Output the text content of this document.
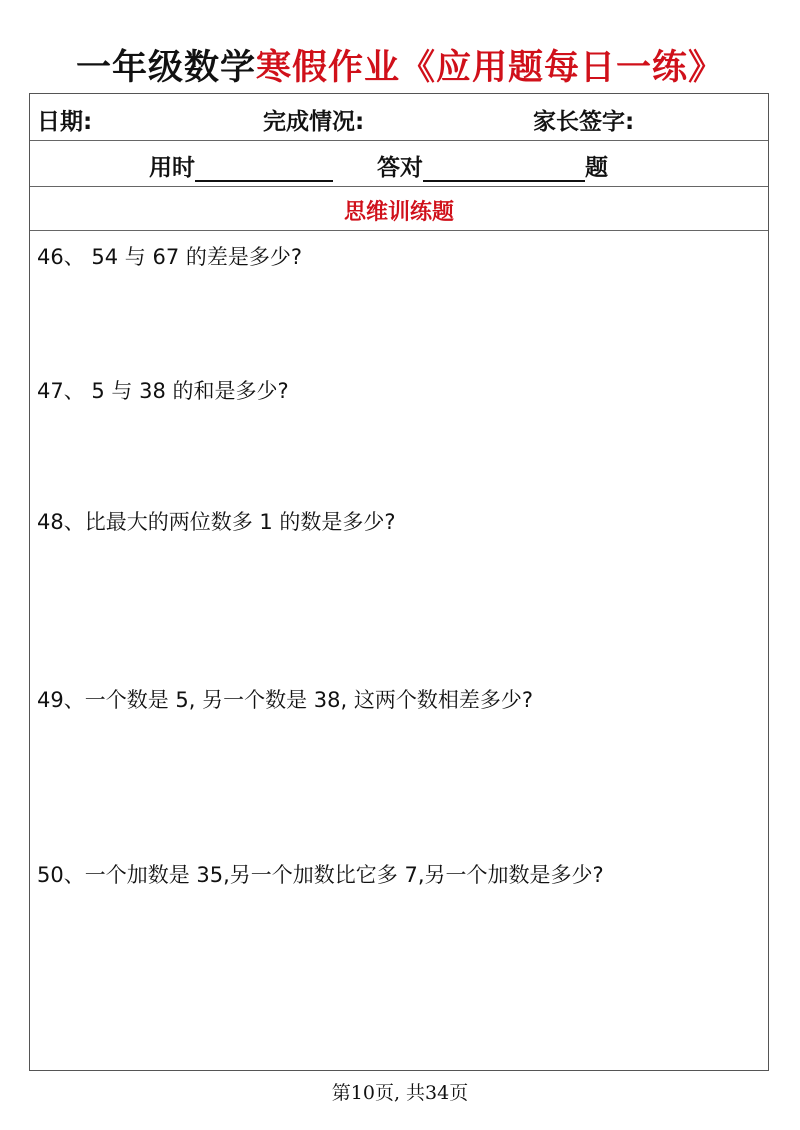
一年级数学寒假作业《应用题每日一练》
日期:	完成情况:	家长签字:
用时	答对	题
思维训练题
46、 54 与 67 的差是多少?
47、 5 与 38 的和是多少?
48、比最大的两位数多 1 的数是多少?
49、一个数是 5, 另一个数是 38, 这两个数相差多少?
50、一个加数是 35,另一个加数比它多 7,另一个加数是多少?
第10页, 共34页
